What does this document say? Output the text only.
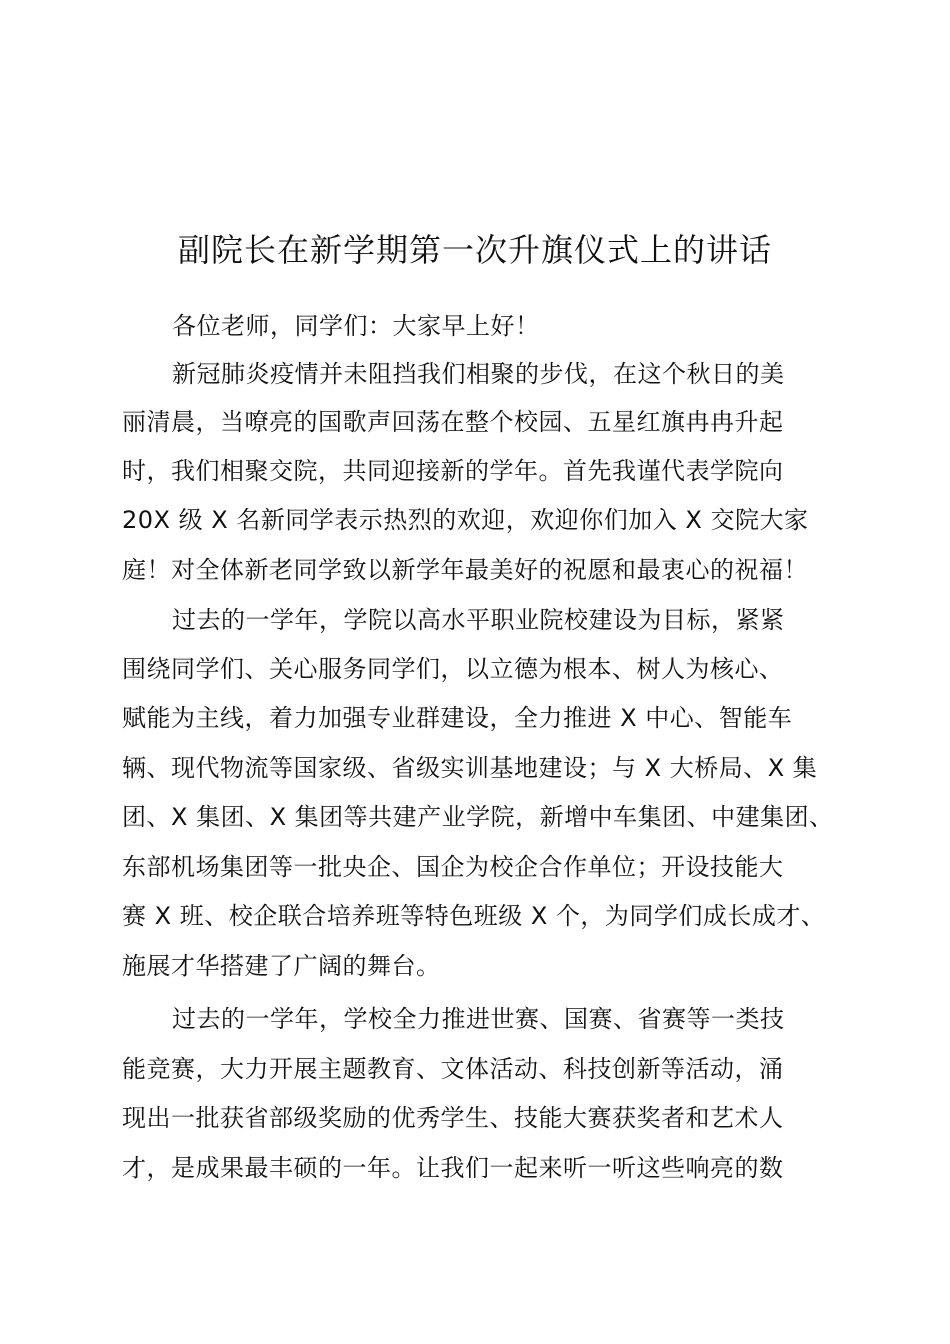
副院长在新学期第一次升旗仪式上的讲话
各位老师，同学们：大家早上好！
新冠肺炎疫情并未阻挡我们相聚的步伐，在这个秋日的美
丽清晨，当嘹亮的国歌声回荡在整个校园、五星红旗冉冉升起
时，我们相聚交院，共同迎接新的学年。首先我谨代表学院向
20X 级 X 名新同学表示热烈的欢迎，欢迎你们加入 X 交院大家
庭！对全体新老同学致以新学年最美好的祝愿和最衷心的祝福！
过去的一学年，学院以高水平职业院校建设为目标，紧紧
围绕同学们、关心服务同学们，以立德为根本、树人为核心、
赋能为主线，着力加强专业群建设，全力推进 X 中心、智能车
辆、现代物流等国家级、省级实训基地建设；与 X 大桥局、X 集
团、X 集团、X 集团等共建产业学院，新增中车集团、中建集团、
东部机场集团等一批央企、国企为校企合作单位；开设技能大
赛 X 班、校企联合培养班等特色班级 X 个，为同学们成长成才、
施展才华搭建了广阔的舞台。
过去的一学年，学校全力推进世赛、国赛、省赛等一类技
能竞赛，大力开展主题教育、文体活动、科技创新等活动，涌
现出一批获省部级奖励的优秀学生、技能大赛获奖者和艺术人
才，是成果最丰硕的一年。让我们一起来听一听这些响亮的数
